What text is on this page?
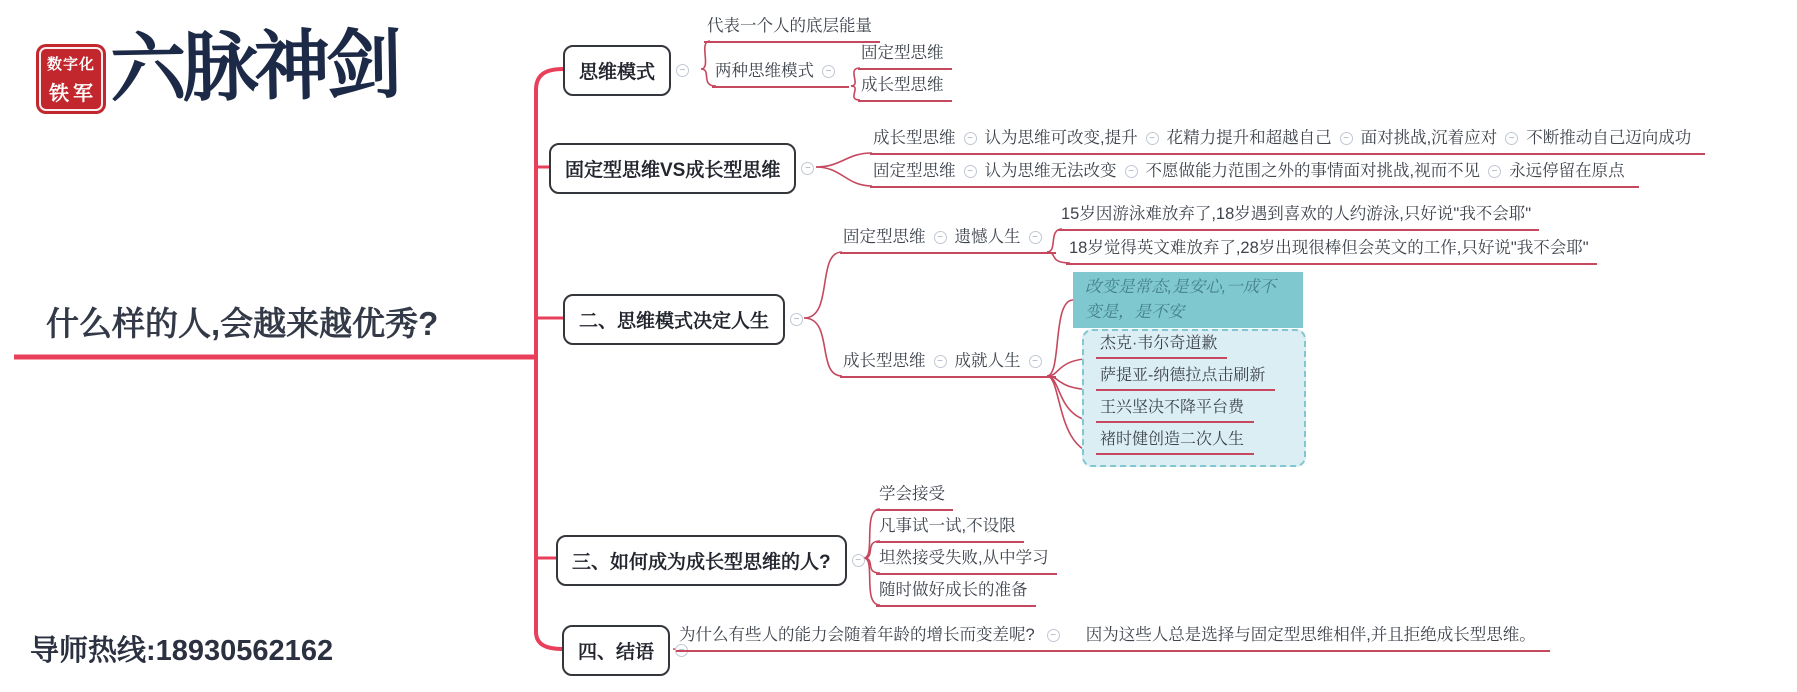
数字化
铁军 六脉神剑
什么样的人,会越来越优秀?
导师热线:18930562162
思维模式	−
代表一个人的底层能量
两种思维模式	−
固定型思维
成长型思维
固定型思维VS成长型思维	−
成长型思维	− 认为思维可改变,提升	− 花精力提升和超越自己	− 面对挑战,沉着应对	− 不断推动自己迈向成功
固定型思维	− 认为思维无法改变	− 不愿做能力范围之外的事情面对挑战,视而不见	− 永远停留在原点
二、思维模式决定人生	−
固定型思维	− 遗憾人生	−
15岁因游泳难放弃了,18岁遇到喜欢的人约游泳,只好说"我不会耶"
18岁觉得英文难放弃了,28岁出现很棒但会英文的工作,只好说"我不会耶"
成长型思维	− 成就人生	−
改变是常态,是安心,一成不变是，是不安
杰克·韦尔奇道歉
萨提亚-纳德拉点击刷新
王兴坚决不降平台费
褚时健创造二次人生
三、如何成为成长型思维的人?	−
学会接受
凡事试一试,不设限
坦然接受失败,从中学习
随时做好成长的准备
四、结语	−
为什么有些人的能力会随着年龄的增长而变差呢?	− 因为这些人总是选择与固定型思维相伴,并且拒绝成长型思维。
